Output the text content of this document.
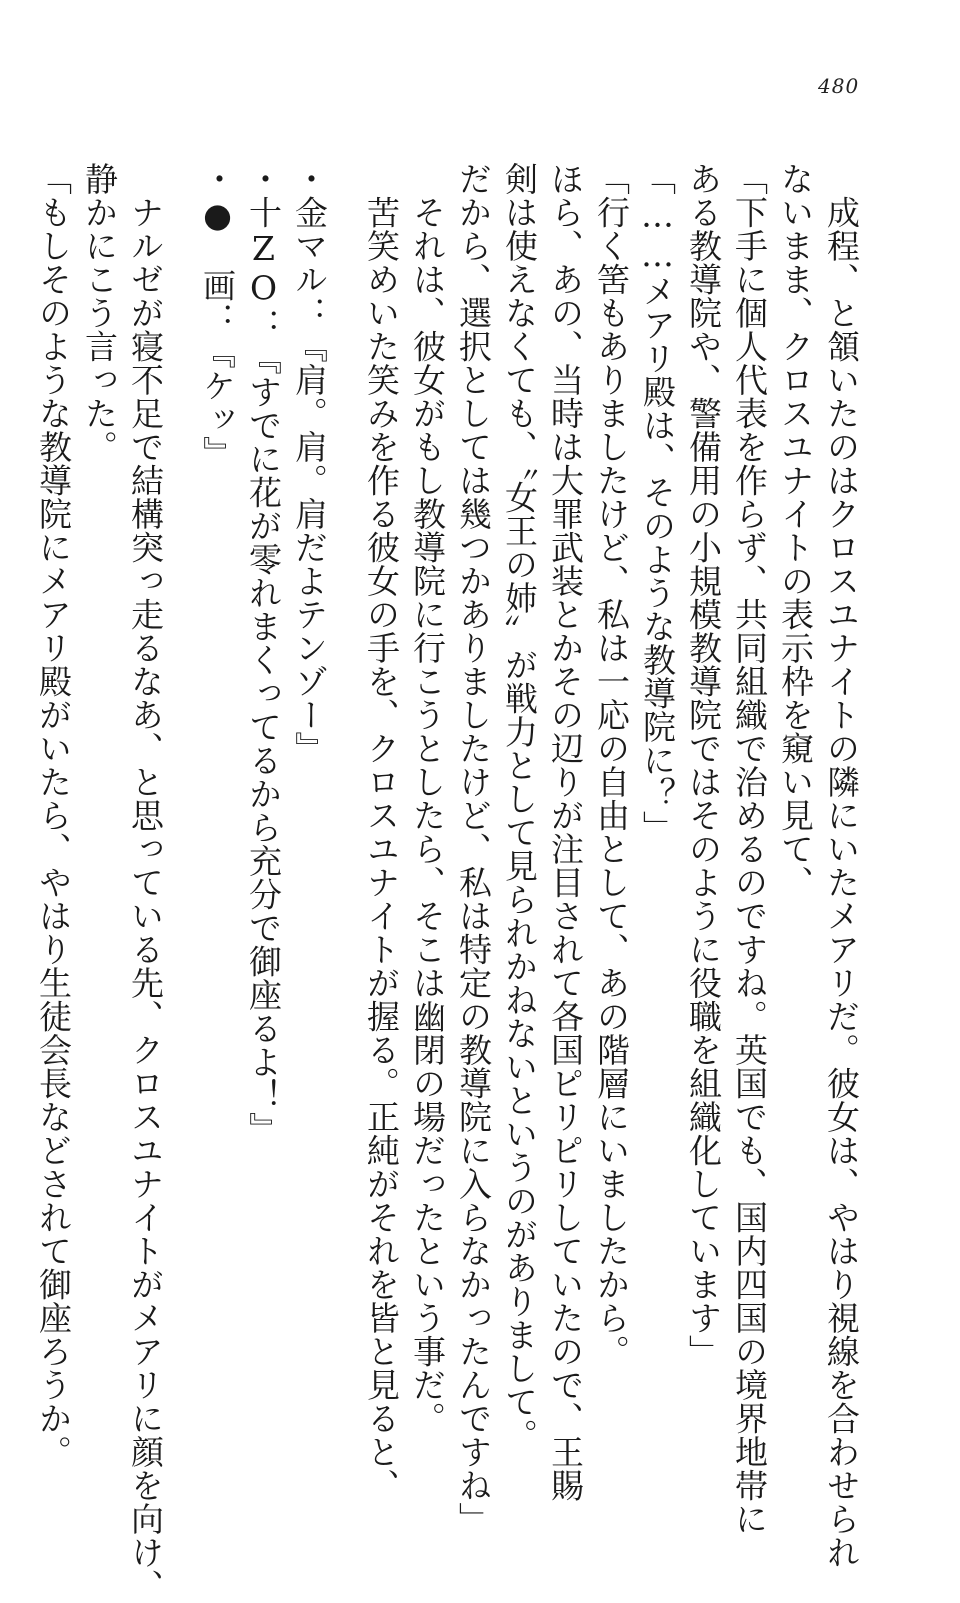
480
　成程、と頷いたのはクロスユナイトの隣にいたメアリだ。彼女は、やはり視線を合わせられ
ないまま、クロスユナイトの表示枠を窺い見て、
「下手に個人代表を作らず、共同組織で治めるのですね。英国でも、国内四国の境界地帯に
ある教導院や、警備用の小規模教導院ではそのように役職を組織化しています」
「……メアリ殿は、そのような教導院に？」
「行く筈もありましたけど、私は一応の自由として、あの階層にいましたから。
ほら、あの、当時は大罪武装とかその辺りが注目されて各国ピリピリしていたので、王賜
剣は使えなくても、〝女王の姉〟が戦力として見られかねないというのがありまして。
だから、選択としては幾つかありましたけど、私は特定の教導院に入らなかったんですね」
　それは、彼女がもし教導院に行こうとしたら、そこは幽閉の場だったという事だ。
　苦笑めいた笑みを作る彼女の手を、クロスユナイトが握る。正純がそれを皆と見ると、
・金マル：『肩。肩。肩だよテンゾー』
・十ZO：『すでに花が零れまくってるから充分で御座るよ！』
・●　画：『ケッ』
　ナルゼが寝不足で結構突っ走るなあ、と思っている先、クロスユナイトがメアリに顔を向け、
静かにこう言った。
「もしそのような教導院にメアリ殿がいたら、やはり生徒会長などされて御座ろうか。
